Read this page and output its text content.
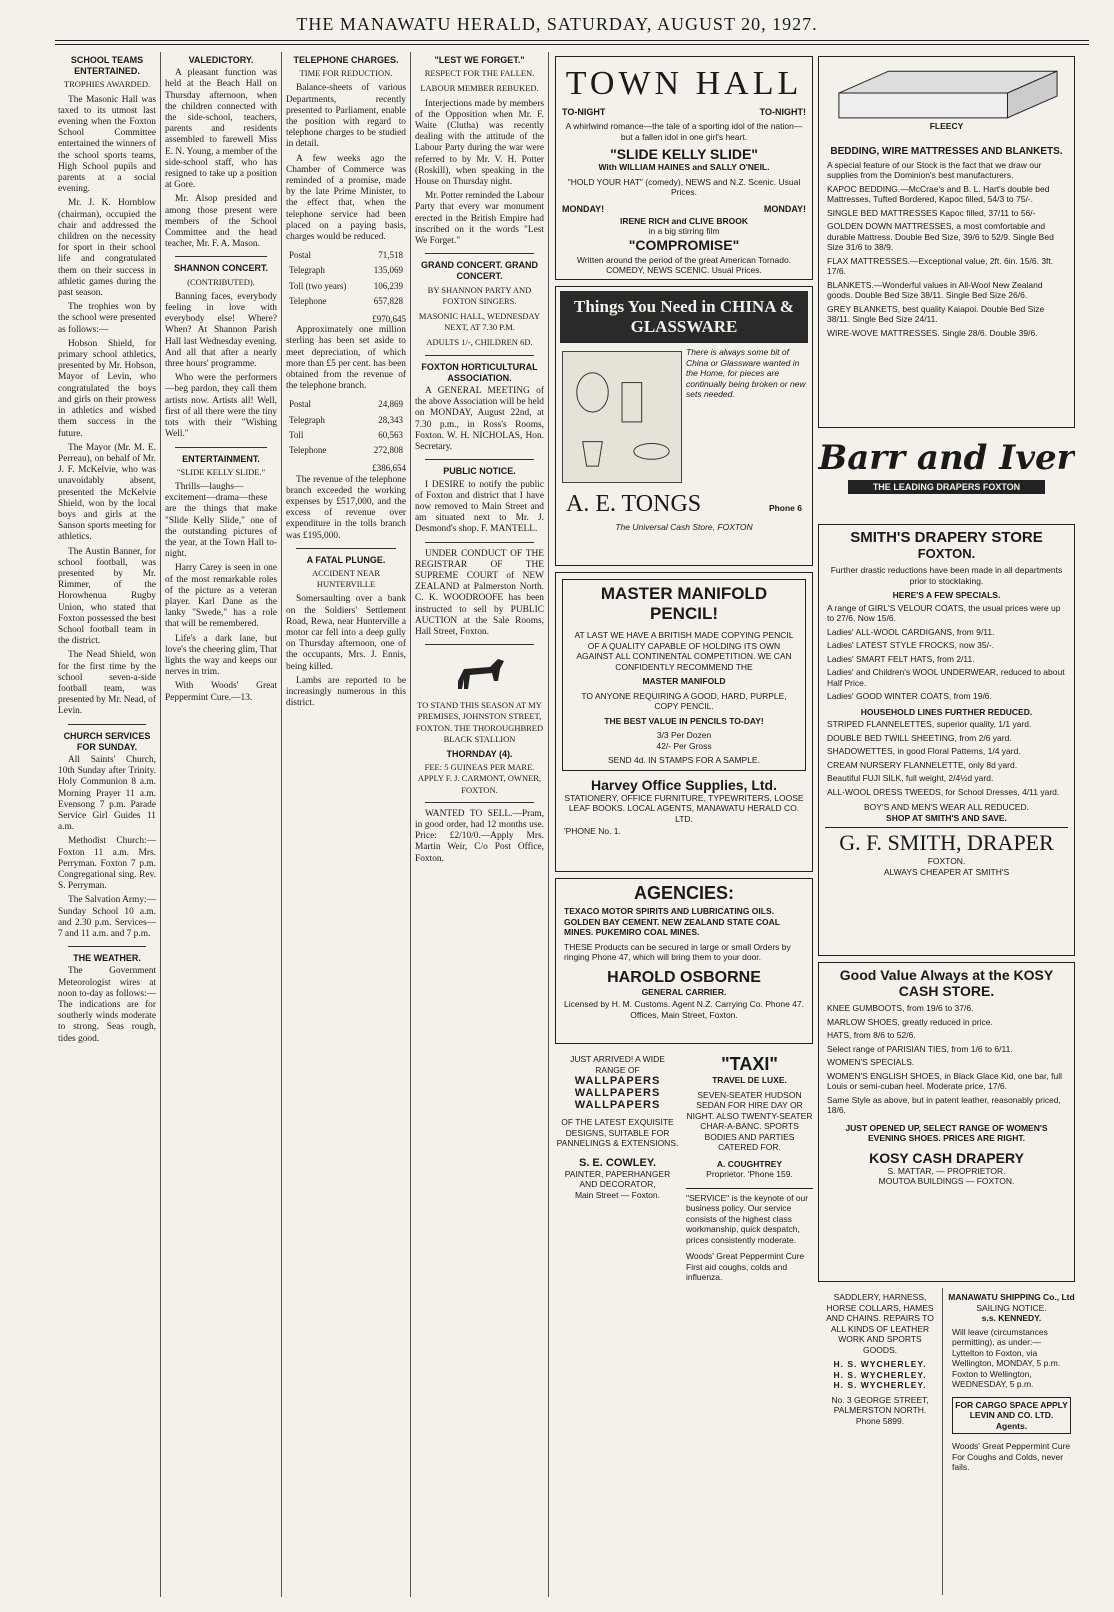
THE MANAWATU HERALD, SATURDAY, AUGUST 20, 1927.
SCHOOL TEAMS ENTERTAINED.
TROPHIES AWARDED.

The Masonic Hall was taxed to its utmost last evening when the Foxton School Committee entertained the winners of the school sports teams, High School pupils and parents at a social evening.

Mr. J. K. Hornblow (chairman), occupied the chair and addressed the children on the necessity for sport in their school life and congratulated them on their success in athletic games during the past season.

The trophies won by the school were presented as follows:—

Hobson Shield, for primary school athletics, presented by Mr. Hobson, Mayor of Levin, who congratulated the boys and girls on their prowess in athletics and wished them success in the future.

The Mayor (Mr. M. E. Perreau), on behalf of Mr. J. F. McKelvie, who was unavoidably absent, presented the McKelvie Shield, won by the local boys and girls at the Sanson sports meeting for athletics.

The Austin Banner, for school football, was presented by Mr. Rimmer, of the Horowhenua Rugby Union, who stated that Foxton possessed the best School football team in the district.

The Nead Shield, won for the first time by the school seven-a-side football team, was presented by Mr. Nead, of Levin.

CHURCH SERVICES FOR SUNDAY.

All Saints' Church, 10th Sunday after Trinity. Holy Communion 8 a.m. Morning Prayer 11 a.m. Evensong 7 p.m. Parade Service Girl Guides 11 a.m.

Methodist Church:—Foxton 11 a.m. Mrs. Perryman. Foxton 7 p.m. Congregational sing. Rev. S. Perryman.

The Salvation Army:—Sunday School 10 a.m. and 2.30 p.m. Services—7 and 11 a.m. and 7 p.m.

THE WEATHER.

The Government Meteorologist wires at noon to-day as follows:— The indications are for southerly winds moderate to strong. Seas rough, tides good.

VALEDICTORY.

A pleasant function was held at the Beach Hall on Thursday afternoon, when the children connected with the side-school, teachers, parents and residents assembled to farewell Miss E. N. Young, a member of the side-school staff, who has resigned to take up a position at Gore.

Mr. Alsop presided and among those present were members of the School Committee and the head teacher, Mr. F. A. Mason.

SHANNON CONCERT.
(CONTRIBUTED).

Banning faces, everybody feeling in love with everybody else! Where? When? At Shannon Parish Hall last Wednesday evening. And all that after a nearly three hours' programme.

Who were the performers—beg pardon, they call them artists now. Artists all! Well, first of all there were the tiny tots with their "Wishing Well."

ENTERTAINMENT.
"SLIDE KELLY SLIDE."

Thrills—laughs—excitement—drama—these are the things that make "Slide Kelly Slide," one of the outstanding pictures of the year, at the Town Hall to-night.

Harry Carey is seen in one of the most remarkable roles of the picture as a veteran player. Karl Dane as the lanky "Swede," has a role that will be remembered.

Life's a dark lane, but love's the cheering glim, That lights the way and keeps our nerves in trim.

With Woods' Great Peppermint Cure.—13.

TELEPHONE CHARGES.
TIME FOR REDUCTION.

Balance-sheets of various Departments, recently presented to Parliament, enable the position with regard to telephone charges to be studied in detail.

A few weeks ago the Chamber of Commerce was reminded of a promise, made by the late Prime Minister, to the effect that, when the telephone service had been placed on a paying basis, charges would be reduced.

Postal	71,518
Telegraph	135,069
Toll (two years)	106,239
Telephone	657,828
£970,645

Approximately one million sterling has been set aside to meet depreciation, of which more than £5 per cent. has been obtained from the revenue of the telephone branch.

Postal	24,869
Telegraph	28,343
Toll	60,563
Telephone	272,808
£386,654

The revenue of the telephone branch exceeded the working expenses by £517,000, and the excess of revenue over expenditure in the tolls branch was £195,000.

A FATAL PLUNGE.
ACCIDENT NEAR HUNTERVILLE

Somersaulting over a bank on the Soldiers' Settlement Road, Rewa, near Hunterville a motor car fell into a deep gully on Thursday afternoon, one of the occupants, Mrs. J. Ennis, being killed.

Lambs are reported to be increasingly numerous in this district.

"LEST WE FORGET."
RESPECT FOR THE FALLEN.
LABOUR MEMBER REBUKED.

Interjections made by members of the Opposition when Mr. F. Waite (Clutha) was recently dealing with the attitude of the Labour Party during the war were referred to by Mr. V. H. Potter (Roskill), when speaking in the House on Thursday night.

Mr. Potter reminded the Labour Party that every war monument erected in the British Empire had inscribed on it the words "Lest We Forget."

GRAND CONCERT. GRAND CONCERT.
BY SHANNON PARTY AND FOXTON SINGERS.
MASONIC HALL, WEDNESDAY NEXT, AT 7.30 P.M.
ADULTS 1/-, CHILDREN 6D.
FOXTON HORTICULTURAL ASSOCIATION.

A GENERAL MEETING of the above Association will be held on MONDAY, August 22nd, at 7.30 p.m., in Ross's Rooms, Foxton. W. H. NICHOLAS, Hon. Secretary.

PUBLIC NOTICE.

I DESIRE to notify the public of Foxton and district that I have now removed to Main Street and am situated next to Mr. J. Desmond's shop. F. MANTELL.

UNDER CONDUCT OF THE REGISTRAR OF THE SUPREME COURT of NEW ZEALAND at Palmerston North. C. K. WOODROOFE has been instructed to sell by PUBLIC AUCTION at the Sale Rooms, Hall Street, Foxton.

TO STAND THIS SEASON AT MY PREMISES, JOHNSTON STREET, FOXTON. THE THOROUGHBRED BLACK STALLION
THORNDAY (4).
FEE: 5 GUINEAS PER MARE. APPLY F. J. CARMONT, OWNER, FOXTON.

WANTED TO SELL.—Pram, in good order, had 12 months use. Price: £2/10/0.—Apply Mrs. Martin Weir, C/o Post Office, Foxton.

TOWN HALL
TO-NIGHT	TO-NIGHT!
A whirlwind romance—the tale of a sporting idol of the nation—but a fallen idol in one girl's heart.
"SLIDE KELLY SLIDE"
With WILLIAM HAINES and SALLY O'NEIL.
"HOLD YOUR HAT" (comedy), NEWS and N.Z. Scenic. Usual Prices.
MONDAY!	MONDAY!
IRENE RICH and CLIVE BROOK
in a big stirring film
"COMPROMISE"
Written around the period of the great American Tornado. COMEDY, NEWS SCENIC. Usual Prices.
Things You Need in CHINA & GLASSWARE
There is always some bit of China or Glassware wanted in the Home, for pieces are continually being broken or new sets needed.
A. E. TONGS	Phone 6
The Universal Cash Store, FOXTON
MASTER MANIFOLD PENCIL!
AT LAST WE HAVE A BRITISH MADE COPYING PENCIL OF A QUALITY CAPABLE OF HOLDING ITS OWN AGAINST ALL CONTINENTAL COMPETITION. WE CAN CONFIDENTLY RECOMMEND THE
MASTER MANIFOLD
TO ANYONE REQUIRING A GOOD, HARD, PURPLE, COPY PENCIL.
THE BEST VALUE IN PENCILS TO-DAY!
3/3 Per Dozen
42/- Per Gross
SEND 4d. IN STAMPS FOR A SAMPLE.
Harvey Office Supplies, Ltd.
STATIONERY, OFFICE FURNITURE, TYPEWRITERS, LOOSE LEAF BOOKS. LOCAL AGENTS, MANAWATU HERALD CO. LTD.
'PHONE No. 1.
AGENCIES:
TEXACO MOTOR SPIRITS AND LUBRICATING OILS. GOLDEN BAY CEMENT. NEW ZEALAND STATE COAL MINES. PUKEMIRO COAL MINES.
THESE Products can be secured in large or small Orders by ringing Phone 47, which will bring them to your door.
HAROLD OSBORNE
GENERAL CARRIER.
Licensed by H. M. Customs. Agent N.Z. Carrying Co. Phone 47. Offices, Main Street, Foxton.
JUST ARRIVED! A WIDE RANGE OF
WALLPAPERS
WALLPAPERS
WALLPAPERS
OF THE LATEST EXQUISITE DESIGNS, SUITABLE FOR PANNELINGS & EXTENSIONS.
S. E. COWLEY.
PAINTER, PAPERHANGER AND DECORATOR,
Main Street — Foxton.
"TAXI"
TRAVEL DE LUXE.
SEVEN-SEATER HUDSON SEDAN FOR HIRE DAY OR NIGHT. ALSO TWENTY-SEATER CHAR-A-BANC. SPORTS BODIES AND PARTIES CATERED FOR.
A. COUGHTREY
Proprietor. 'Phone 159.
"SERVICE" is the keynote of our business policy. Our service consists of the highest class workmanship, quick despatch, prices consistently moderate.
Woods' Great Peppermint Cure First aid coughs, colds and influenza.
FLEECY
BEDDING, WIRE MATTRESSES AND BLANKETS.
A special feature of our Stock is the fact that we draw our supplies from the Dominion's best manufacturers.
KAPOC BEDDING.—McCrae's and B. L. Hart's double bed Mattresses, Tufted Bordered, Kapoc filled, 54/3 to 75/-.
SINGLE BED MATTRESSES Kapoc filled, 37/11 to 56/-
GOLDEN DOWN MATTRESSES, a most comfortable and durable Mattress. Double Bed Size, 39/6 to 52/9. Single Bed Size 31/6 to 38/9.
FLAX MATTRESSES.—Exceptional value, 2ft. 6in. 15/6. 3ft. 17/6.
BLANKETS.—Wonderful values in All-Wool New Zealand goods. Double Bed Size 38/11. Single Bed Size 26/6.
GREY BLANKETS, best quality Kaiapoi. Double Bed Size 38/11. Single Bed Size 24/11.
WIRE-WOVE MATTRESSES. Single 28/6. Double 39/6.
Barr and Iver
THE LEADING DRAPERS FOXTON
SMITH'S DRAPERY STORE
FOXTON.
Further drastic reductions have been made in all departments prior to stocktaking.
HERE'S A FEW SPECIALS.
A range of GIRL'S VELOUR COATS, the usual prices were up to 27/6. Now 15/6.
Ladies' ALL-WOOL CARDIGANS, from 9/11.
Ladies' LATEST STYLE FROCKS, now 35/-.
Ladies' SMART FELT HATS, from 2/11.
Ladies' and Children's WOOL UNDERWEAR, reduced to about Half Price.
Ladies' GOOD WINTER COATS, from 19/6.
HOUSEHOLD LINES FURTHER REDUCED.
STRIPED FLANNELETTES, superior quality, 1/1 yard.
DOUBLE BED TWILL SHEETING, from 2/6 yard.
SHADOWETTES, in good Floral Patterns, 1/4 yard.
CREAM NURSERY FLANNELETTE, only 8d yard.
Beautiful FUJI SILK, full weight, 2/4½d yard.
ALL-WOOL DRESS TWEEDS, for School Dresses, 4/11 yard.
BOY'S AND MEN'S WEAR ALL REDUCED.
SHOP AT SMITH'S AND SAVE.
G. F. SMITH, DRAPER
FOXTON.
ALWAYS CHEAPER AT SMITH'S
Good Value Always at the KOSY CASH STORE.
KNEE GUMBOOTS, from 19/6 to 37/6.
MARLOW SHOES, greatly reduced in price.
HATS, from 8/6 to 52/6.
Select range of PARISIAN TIES, from 1/6 to 6/11.
WOMEN'S SPECIALS.
WOMEN'S ENGLISH SHOES, in Black Glace Kid, one bar, full Louis or semi-cuban heel. Moderate price, 17/6.
Same Style as above, but in patent leather, reasonably priced, 18/6.
JUST OPENED UP, SELECT RANGE OF WOMEN'S EVENING SHOES. PRICES ARE RIGHT.
KOSY CASH DRAPERY
S. MATTAR, — PROPRIETOR.
MOUTOA BUILDINGS — FOXTON.
SADDLERY, HARNESS, HORSE COLLARS, HAMES AND CHAINS. REPAIRS TO ALL KINDS OF LEATHER WORK AND SPORTS GOODS.
H. S. WYCHERLEY.
H. S. WYCHERLEY.
H. S. WYCHERLEY.
No. 3 GEORGE STREET, PALMERSTON NORTH. Phone 5899.
MANAWATU SHIPPING Co., Ltd
SAILING NOTICE.
s.s. KENNEDY.
Will leave (circumstances permitting), as under:— Lyttelton to Foxton, via Wellington, MONDAY, 5 p.m. Foxton to Wellington, WEDNESDAY, 5 p.m.
FOR CARGO SPACE APPLY LEVIN AND CO. LTD. Agents.
Woods' Great Peppermint Cure For Coughs and Colds, never fails.
